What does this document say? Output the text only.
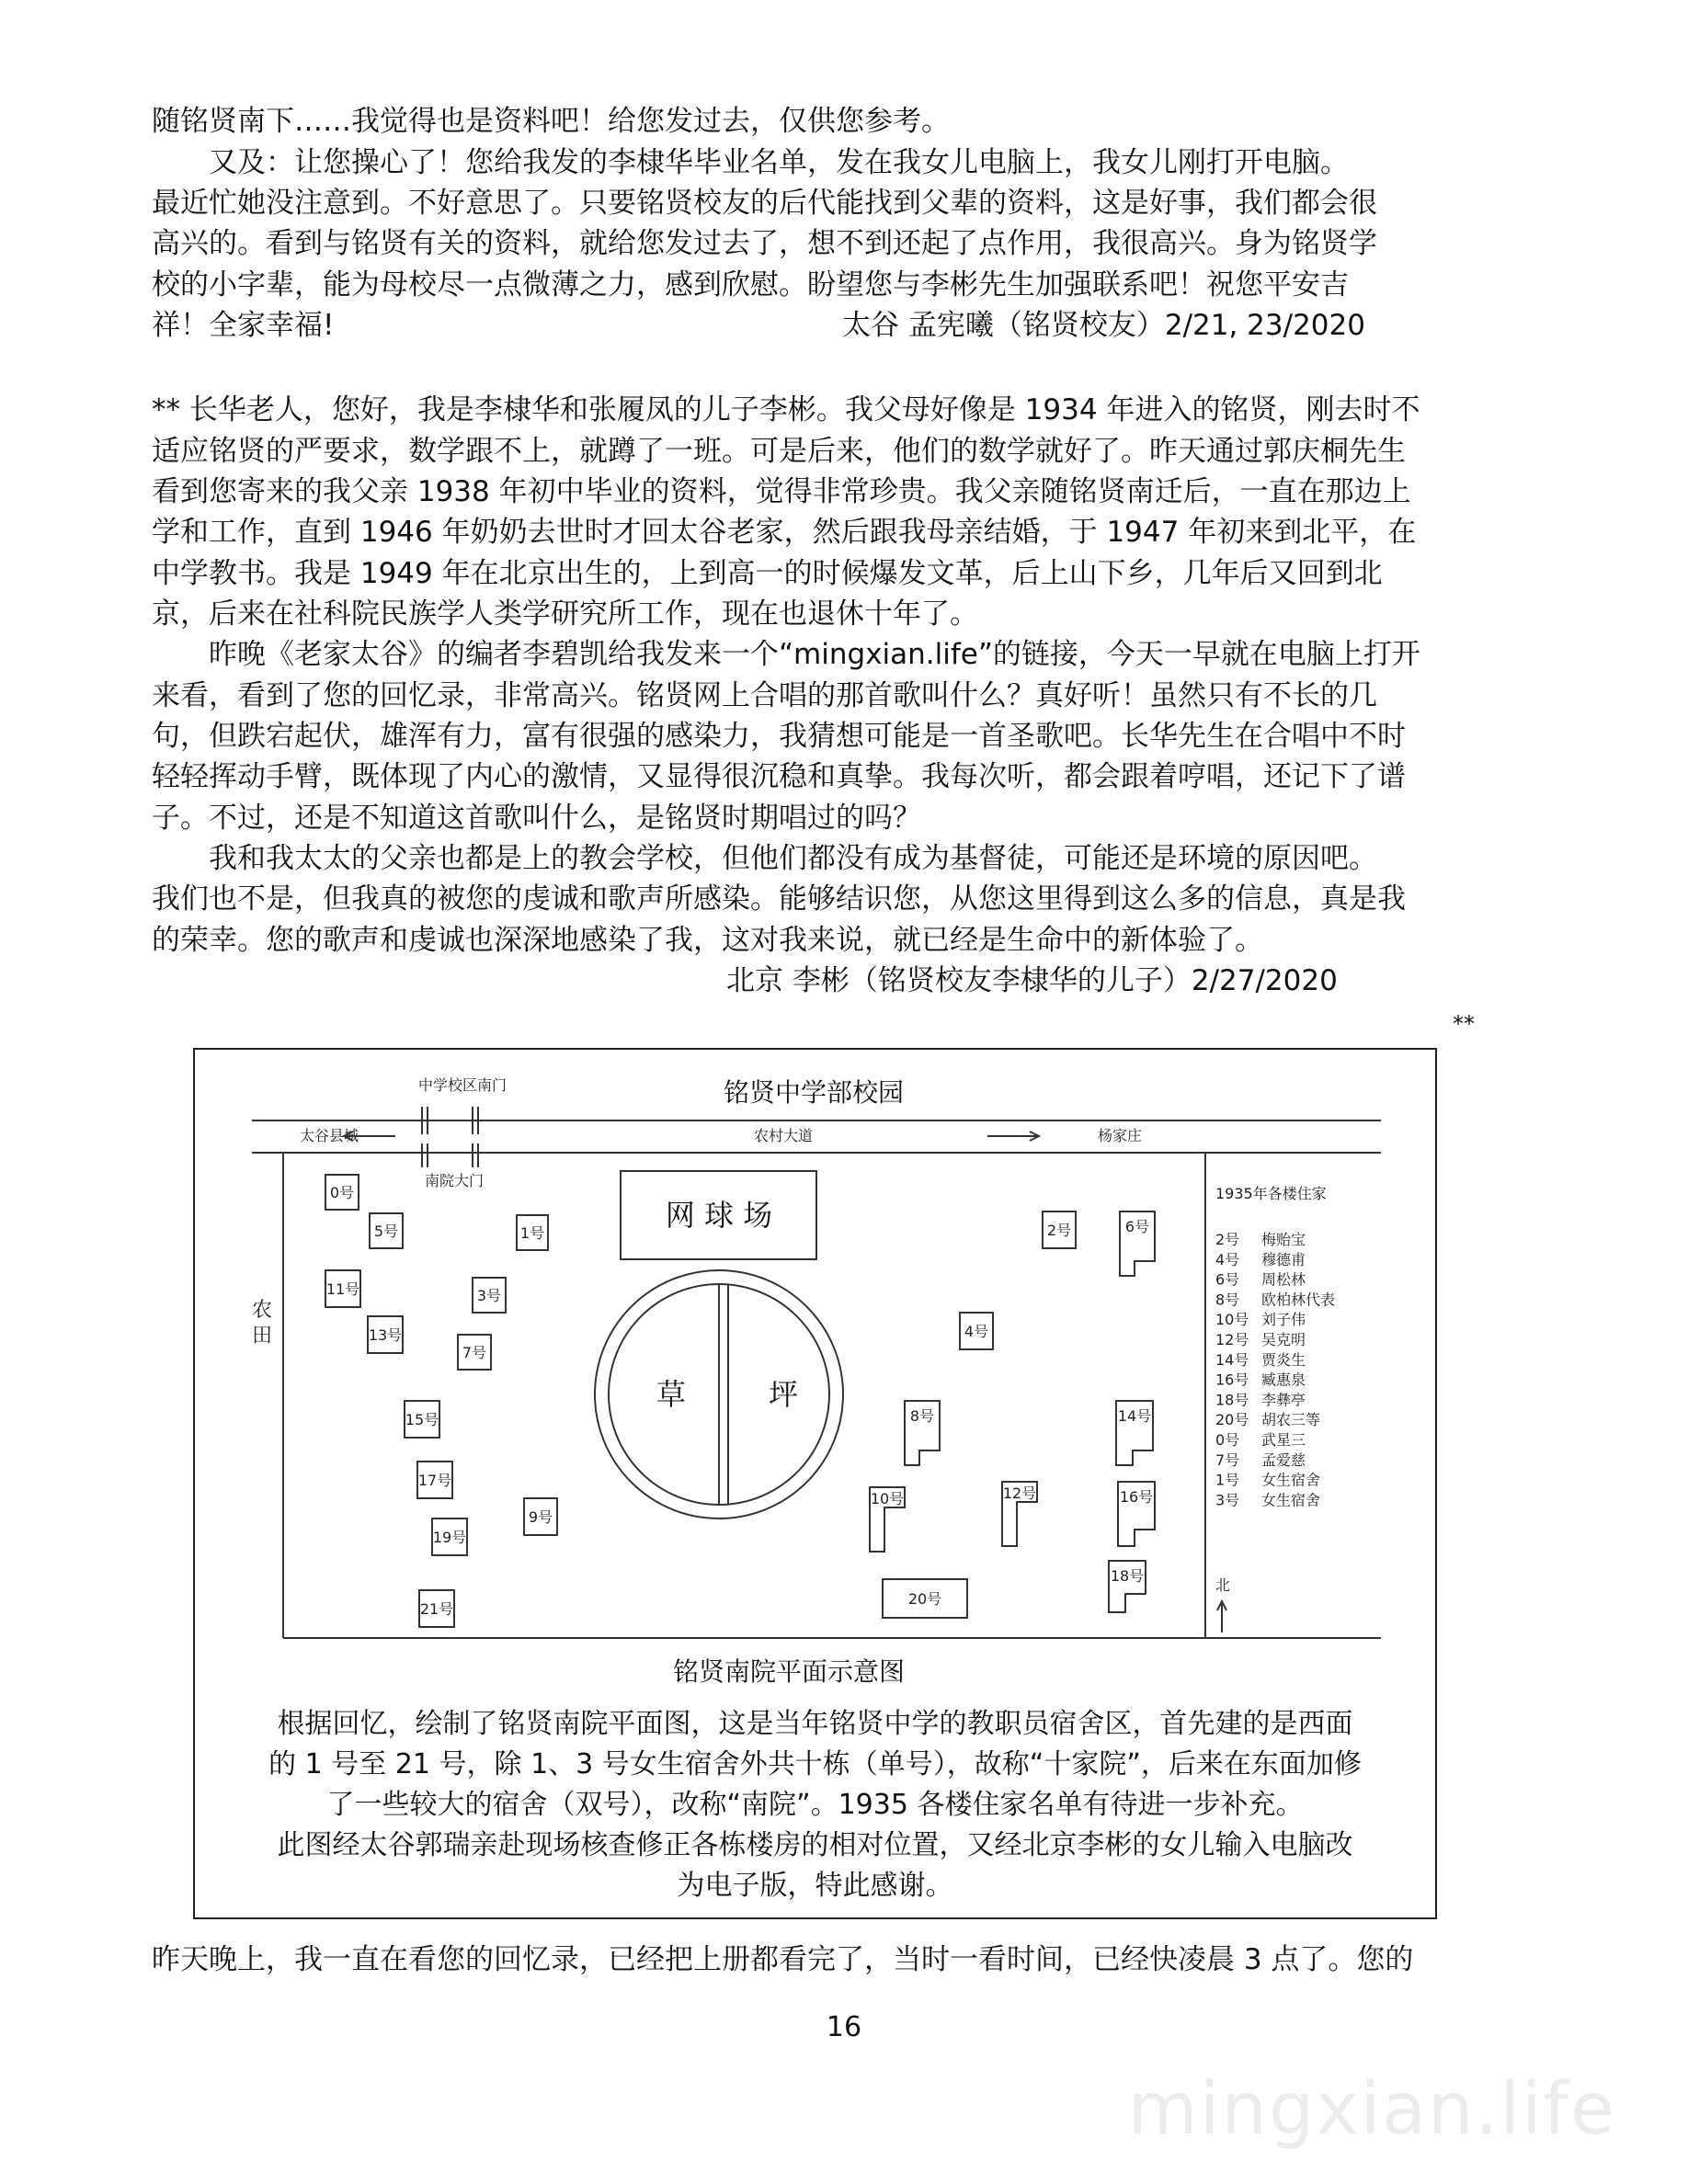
随铭贤南下……我觉得也是资料吧！给您发过去，仅供您参考。
　　又及：让您操心了！您给我发的李棣华毕业名单，发在我女儿电脑上，我女儿刚打开电脑。
最近忙她没注意到。不好意思了。只要铭贤校友的后代能找到父辈的资料，这是好事，我们都会很
高兴的。看到与铭贤有关的资料，就给您发过去了，想不到还起了点作用，我很高兴。身为铭贤学
校的小字辈，能为母校尽一点微薄之力，感到欣慰。盼望您与李彬先生加强联系吧！祝您平安吉
祥！全家幸福!	太谷 孟宪曦（铭贤校友）2/21, 23/2020
** 长华老人，您好，我是李棣华和张履凤的儿子李彬。我父母好像是 1934 年进入的铭贤，刚去时不
适应铭贤的严要求，数学跟不上，就蹲了一班。可是后来，他们的数学就好了。昨天通过郭庆桐先生
看到您寄来的我父亲 1938 年初中毕业的资料，觉得非常珍贵。我父亲随铭贤南迁后，一直在那边上
学和工作，直到 1946 年奶奶去世时才回太谷老家，然后跟我母亲结婚，于 1947 年初来到北平，在
中学教书。我是 1949 年在北京出生的，上到高一的时候爆发文革，后上山下乡，几年后又回到北
京，后来在社科院民族学人类学研究所工作，现在也退休十年了。
　　昨晚《老家太谷》的编者李碧凯给我发来一个“mingxian.life”的链接，今天一早就在电脑上打开
来看，看到了您的回忆录，非常高兴。铭贤网上合唱的那首歌叫什么？真好听！虽然只有不长的几
句，但跌宕起伏，雄浑有力，富有很强的感染力，我猜想可能是一首圣歌吧。长华先生在合唱中不时
轻轻挥动手臂，既体现了内心的激情，又显得很沉稳和真挚。我每次听，都会跟着哼唱，还记下了谱
子。不过，还是不知道这首歌叫什么，是铭贤时期唱过的吗？
　　我和我太太的父亲也都是上的教会学校，但他们都没有成为基督徒，可能还是环境的原因吧。
我们也不是，但我真的被您的虔诚和歌声所感染。能够结识您，从您这里得到这么多的信息，真是我
的荣幸。您的歌声和虔诚也深深地感染了我，这对我来说，就已经是生命中的新体验了。
北京 李彬（铭贤校友李棣华的儿子）2/27/2020
**
铭贤中学部校园
中学校区南门
南院大门
太谷县城	农村大道	杨家庄
农
田
网 球 场
草	坪
0号
5号	1号	2号
11号	3号
13号
7号
4号
15号
17号
9号
19号
21号
20号
6号
8号	14号
10号	12号	16号
18号
北
1935年各楼住家
2号 梅贻宝
4号 穆德甫
6号 周松林
8号 欧柏林代表
10号 刘子伟
12号 吴克明
14号 贾炎生
16号 臧惠泉
18号 李彝亭
20号 胡农三等
0号 武星三
7号 孟爱慈
1号 女生宿舍
3号 女生宿舍
铭贤南院平面示意图
根据回忆，绘制了铭贤南院平面图，这是当年铭贤中学的教职员宿舍区，首先建的是西面
的 1 号至 21 号，除 1、3 号女生宿舍外共十栋（单号），故称“十家院”，后来在东面加修
了一些较大的宿舍（双号），改称“南院”。1935 各楼住家名单有待进一步补充。
此图经太谷郭瑞亲赴现场核查修正各栋楼房的相对位置，又经北京李彬的女儿输入电脑改
为电子版，特此感谢。
昨天晚上，我一直在看您的回忆录，已经把上册都看完了，当时一看时间，已经快凌晨 3 点了。您的
16
mingxian.life
